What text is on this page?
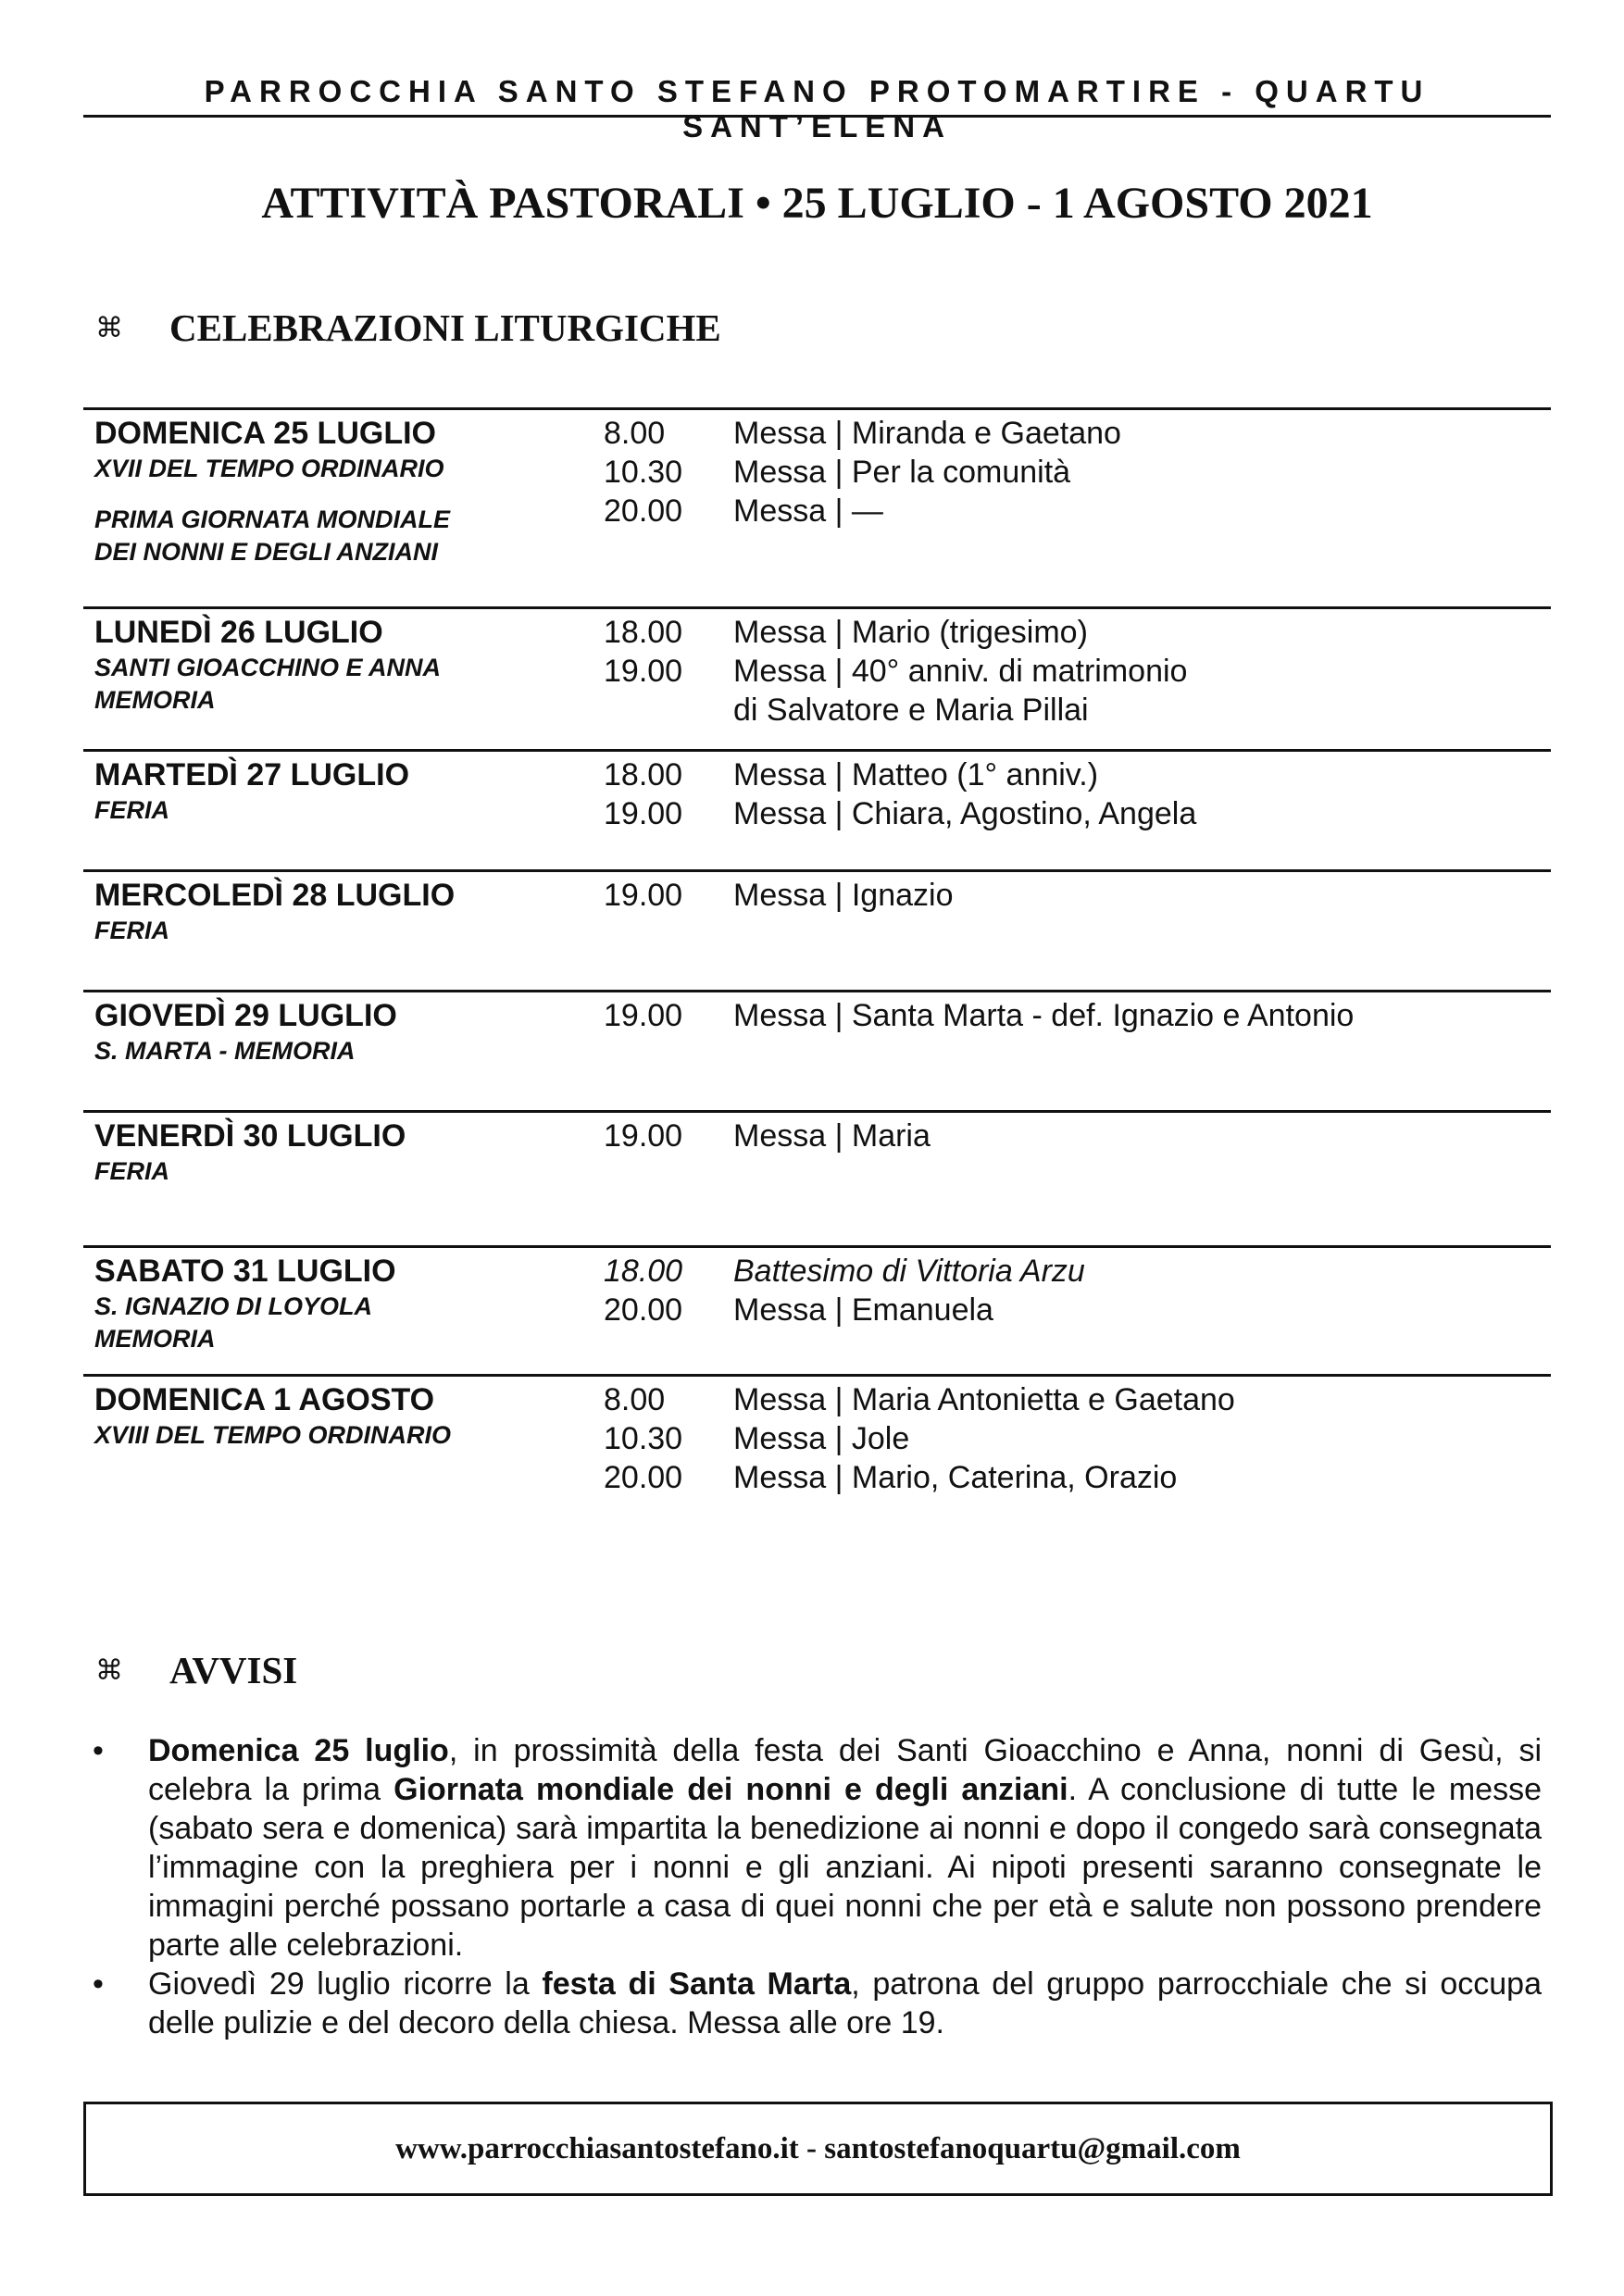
PARROCCHIA SANTO STEFANO PROTOMARTIRE - QUARTU SANT’ELENA
ATTIVITÀ PASTORALI • 25 LUGLIO - 1 AGOSTO 2021
⌘	CELEBRAZIONI LITURGICHE
DOMENICA 25 LUGLIO
XVII DEL TEMPO ORDINARIO
PRIMA GIORNATA MONDIALE
DEI NONNI E DEGLI ANZIANI
8.00	Messa | Miranda e Gaetano
10.30	Messa | Per la comunità
20.00	Messa | —
LUNEDÌ 26 LUGLIO
SANTI GIOACCHINO E ANNA
MEMORIA
18.00	Messa | Mario (trigesimo)
19.00	Messa | 40° anniv. di matrimonio
di Salvatore e Maria Pillai
MARTEDÌ 27 LUGLIO
FERIA
18.00	Messa | Matteo (1° anniv.)
19.00	Messa | Chiara, Agostino, Angela
MERCOLEDÌ 28 LUGLIO
FERIA
19.00	Messa | Ignazio
GIOVEDÌ 29 LUGLIO
S. MARTA - MEMORIA
19.00	Messa | Santa Marta - def. Ignazio e Antonio
VENERDÌ 30 LUGLIO
FERIA
19.00	Messa | Maria
SABATO 31 LUGLIO
S. IGNAZIO DI LOYOLA
MEMORIA
18.00	Battesimo di Vittoria Arzu
20.00	Messa | Emanuela
DOMENICA 1 AGOSTO
XVIII DEL TEMPO ORDINARIO
8.00	Messa | Maria Antonietta e Gaetano
10.30	Messa | Jole
20.00	Messa | Mario, Caterina, Orazio
⌘	AVVISI
•	Domenica 25 luglio, in prossimità della festa dei Santi Gioacchino e Anna, nonni di Gesù, si celebra la prima Giornata mondiale dei nonni e degli anziani. A conclusione di tutte le messe (sabato sera e domenica) sarà impartita la benedizione ai nonni e dopo il congedo sarà consegnata l’immagine con la preghiera per i nonni e gli anziani. Ai nipoti presenti saranno consegnate le immagini perché possano portarle a casa di quei nonni che per età e salute non possono prendere parte alle celebrazioni.
•	Giovedì 29 luglio ricorre la festa di Santa Marta, patrona del gruppo parrocchiale che si occupa delle pulizie e del decoro della chiesa. Messa alle ore 19.
www.parrocchiasantostefano.it - santostefanoquartu@gmail.com
